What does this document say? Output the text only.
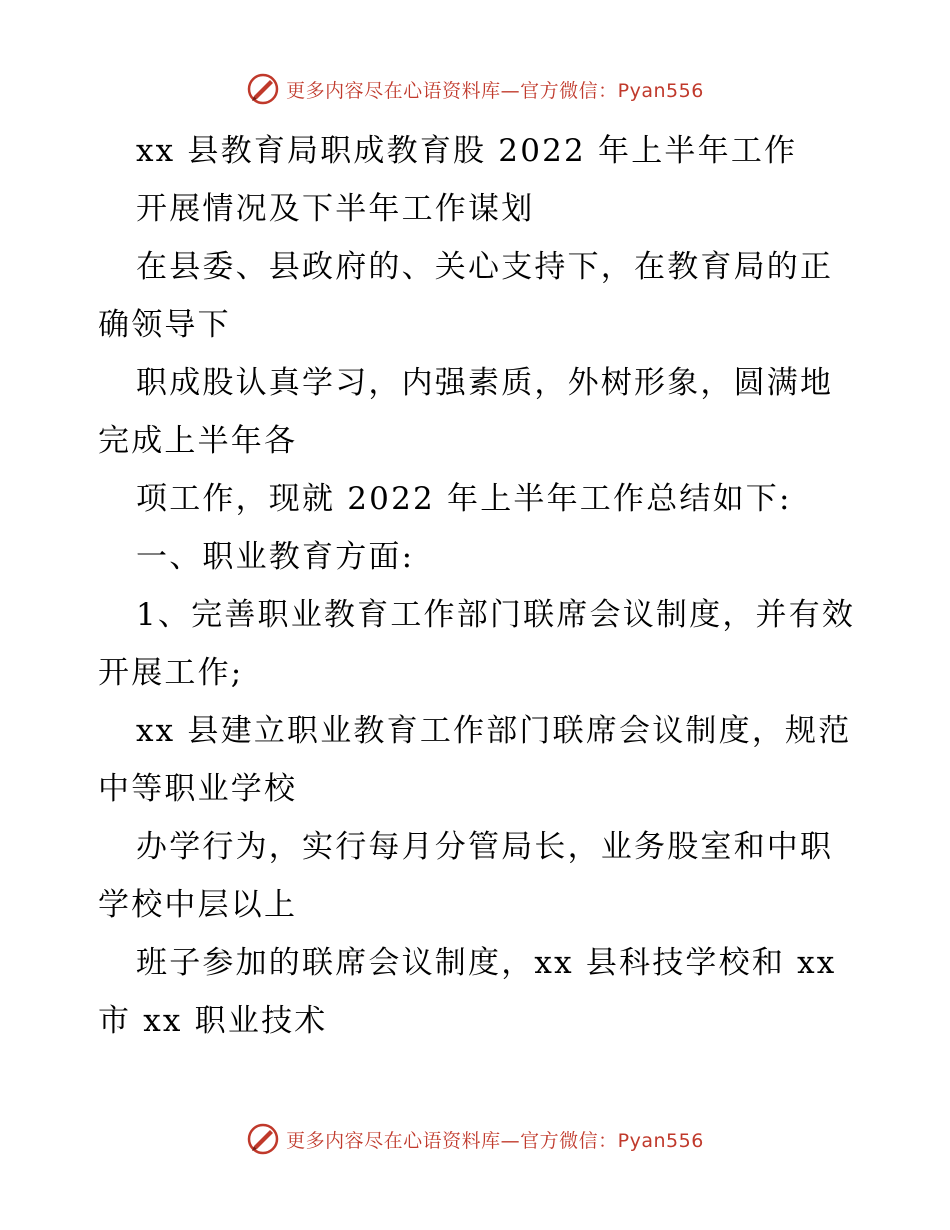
更多内容尽在心语资料库—官方微信：Pyan556

xx 县教育局职成教育股 2022 年上半年工作

开展情况及下半年工作谋划

在县委、县政府的、关心支持下，在教育局的正确领导下

职成股认真学习，内强素质，外树形象，圆满地完成上半年各

项工作，现就 2022 年上半年工作总结如下:

一、职业教育方面:

1、完善职业教育工作部门联席会议制度，并有效开展工作;

xx 县建立职业教育工作部门联席会议制度，规范中等职业学校

办学行为，实行每月分管局长，业务股室和中职学校中层以上

班子参加的联席会议制度，xx 县科技学校和 xx 市 xx 职业技术

更多内容尽在心语资料库—官方微信：Pyan556
